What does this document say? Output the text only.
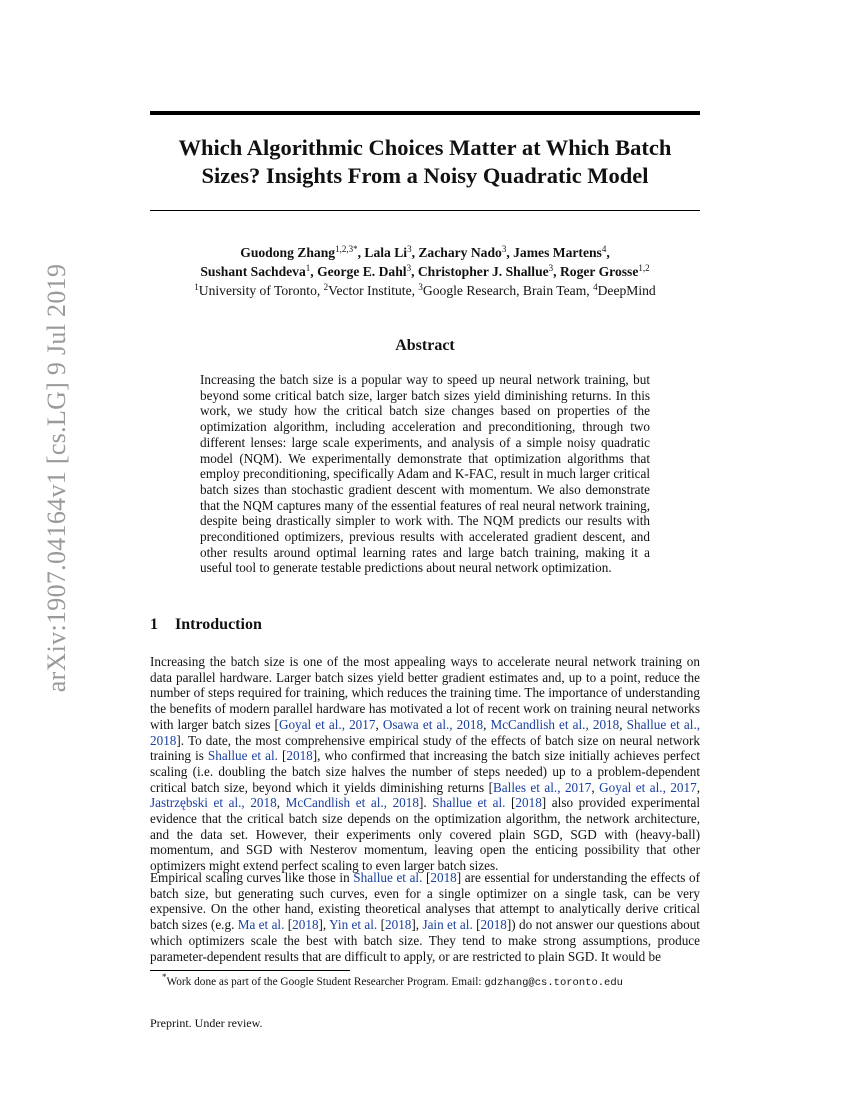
arXiv:1907.04164v1 [cs.LG] 9 Jul 2019
Which Algorithmic Choices Matter at Which Batch Sizes? Insights From a Noisy Quadratic Model
Guodong Zhang$^{1,2,3*}$, Lala Li$^3$, Zachary Nado$^3$, James Martens$^4$,
Sushant Sachdeva$^1$, George E. Dahl$^3$, Christopher J. Shallue$^3$, Roger Grosse$^{1,2}$
$^1$University of Toronto, $^2$Vector Institute, $^3$Google Research, Brain Team, $^4$DeepMind
Abstract
Increasing the batch size is a popular way to speed up neural network training, but beyond some critical batch size, larger batch sizes yield diminishing returns. In this work, we study how the critical batch size changes based on properties of the optimization algorithm, including acceleration and preconditioning, through two different lenses: large scale experiments, and analysis of a simple noisy quadratic model (NQM). We experimentally demonstrate that optimization algorithms that employ preconditioning, specifically Adam and K-FAC, result in much larger critical batch sizes than stochastic gradient descent with momentum. We also demonstrate that the NQM captures many of the essential features of real neural network training, despite being drastically simpler to work with. The NQM predicts our results with preconditioned optimizers, previous results with accelerated gradient descent, and other results around optimal learning rates and large batch training, making it a useful tool to generate testable predictions about neural network optimization.
1 Introduction
Increasing the batch size is one of the most appealing ways to accelerate neural network training on data parallel hardware. Larger batch sizes yield better gradient estimates and, up to a point, reduce the number of steps required for training, which reduces the training time. The importance of understanding the benefits of modern parallel hardware has motivated a lot of recent work on training neural networks with larger batch sizes [Goyal et al., 2017, Osawa et al., 2018, McCandlish et al., 2018, Shallue et al., 2018]. To date, the most comprehensive empirical study of the effects of batch size on neural network training is Shallue et al. [2018], who confirmed that increasing the batch size initially achieves perfect scaling (i.e. doubling the batch size halves the number of steps needed) up to a problem-dependent critical batch size, beyond which it yields diminishing returns [Balles et al., 2017, Goyal et al., 2017, Jastrzębski et al., 2018, McCandlish et al., 2018]. Shallue et al. [2018] also provided experimental evidence that the critical batch size depends on the optimization algorithm, the network architecture, and the data set. However, their experiments only covered plain SGD, SGD with (heavy-ball) momentum, and SGD with Nesterov momentum, leaving open the enticing possibility that other optimizers might extend perfect scaling to even larger batch sizes.
Empirical scaling curves like those in Shallue et al. [2018] are essential for understanding the effects of batch size, but generating such curves, even for a single optimizer on a single task, can be very expensive. On the other hand, existing theoretical analyses that attempt to analytically derive critical batch sizes (e.g. Ma et al. [2018], Yin et al. [2018], Jain et al. [2018]) do not answer our questions about which optimizers scale the best with batch size. They tend to make strong assumptions, produce parameter-dependent results that are difficult to apply, or are restricted to plain SGD. It would be
*Work done as part of the Google Student Researcher Program. Email: gdzhang@cs.toronto.edu
Preprint. Under review.
